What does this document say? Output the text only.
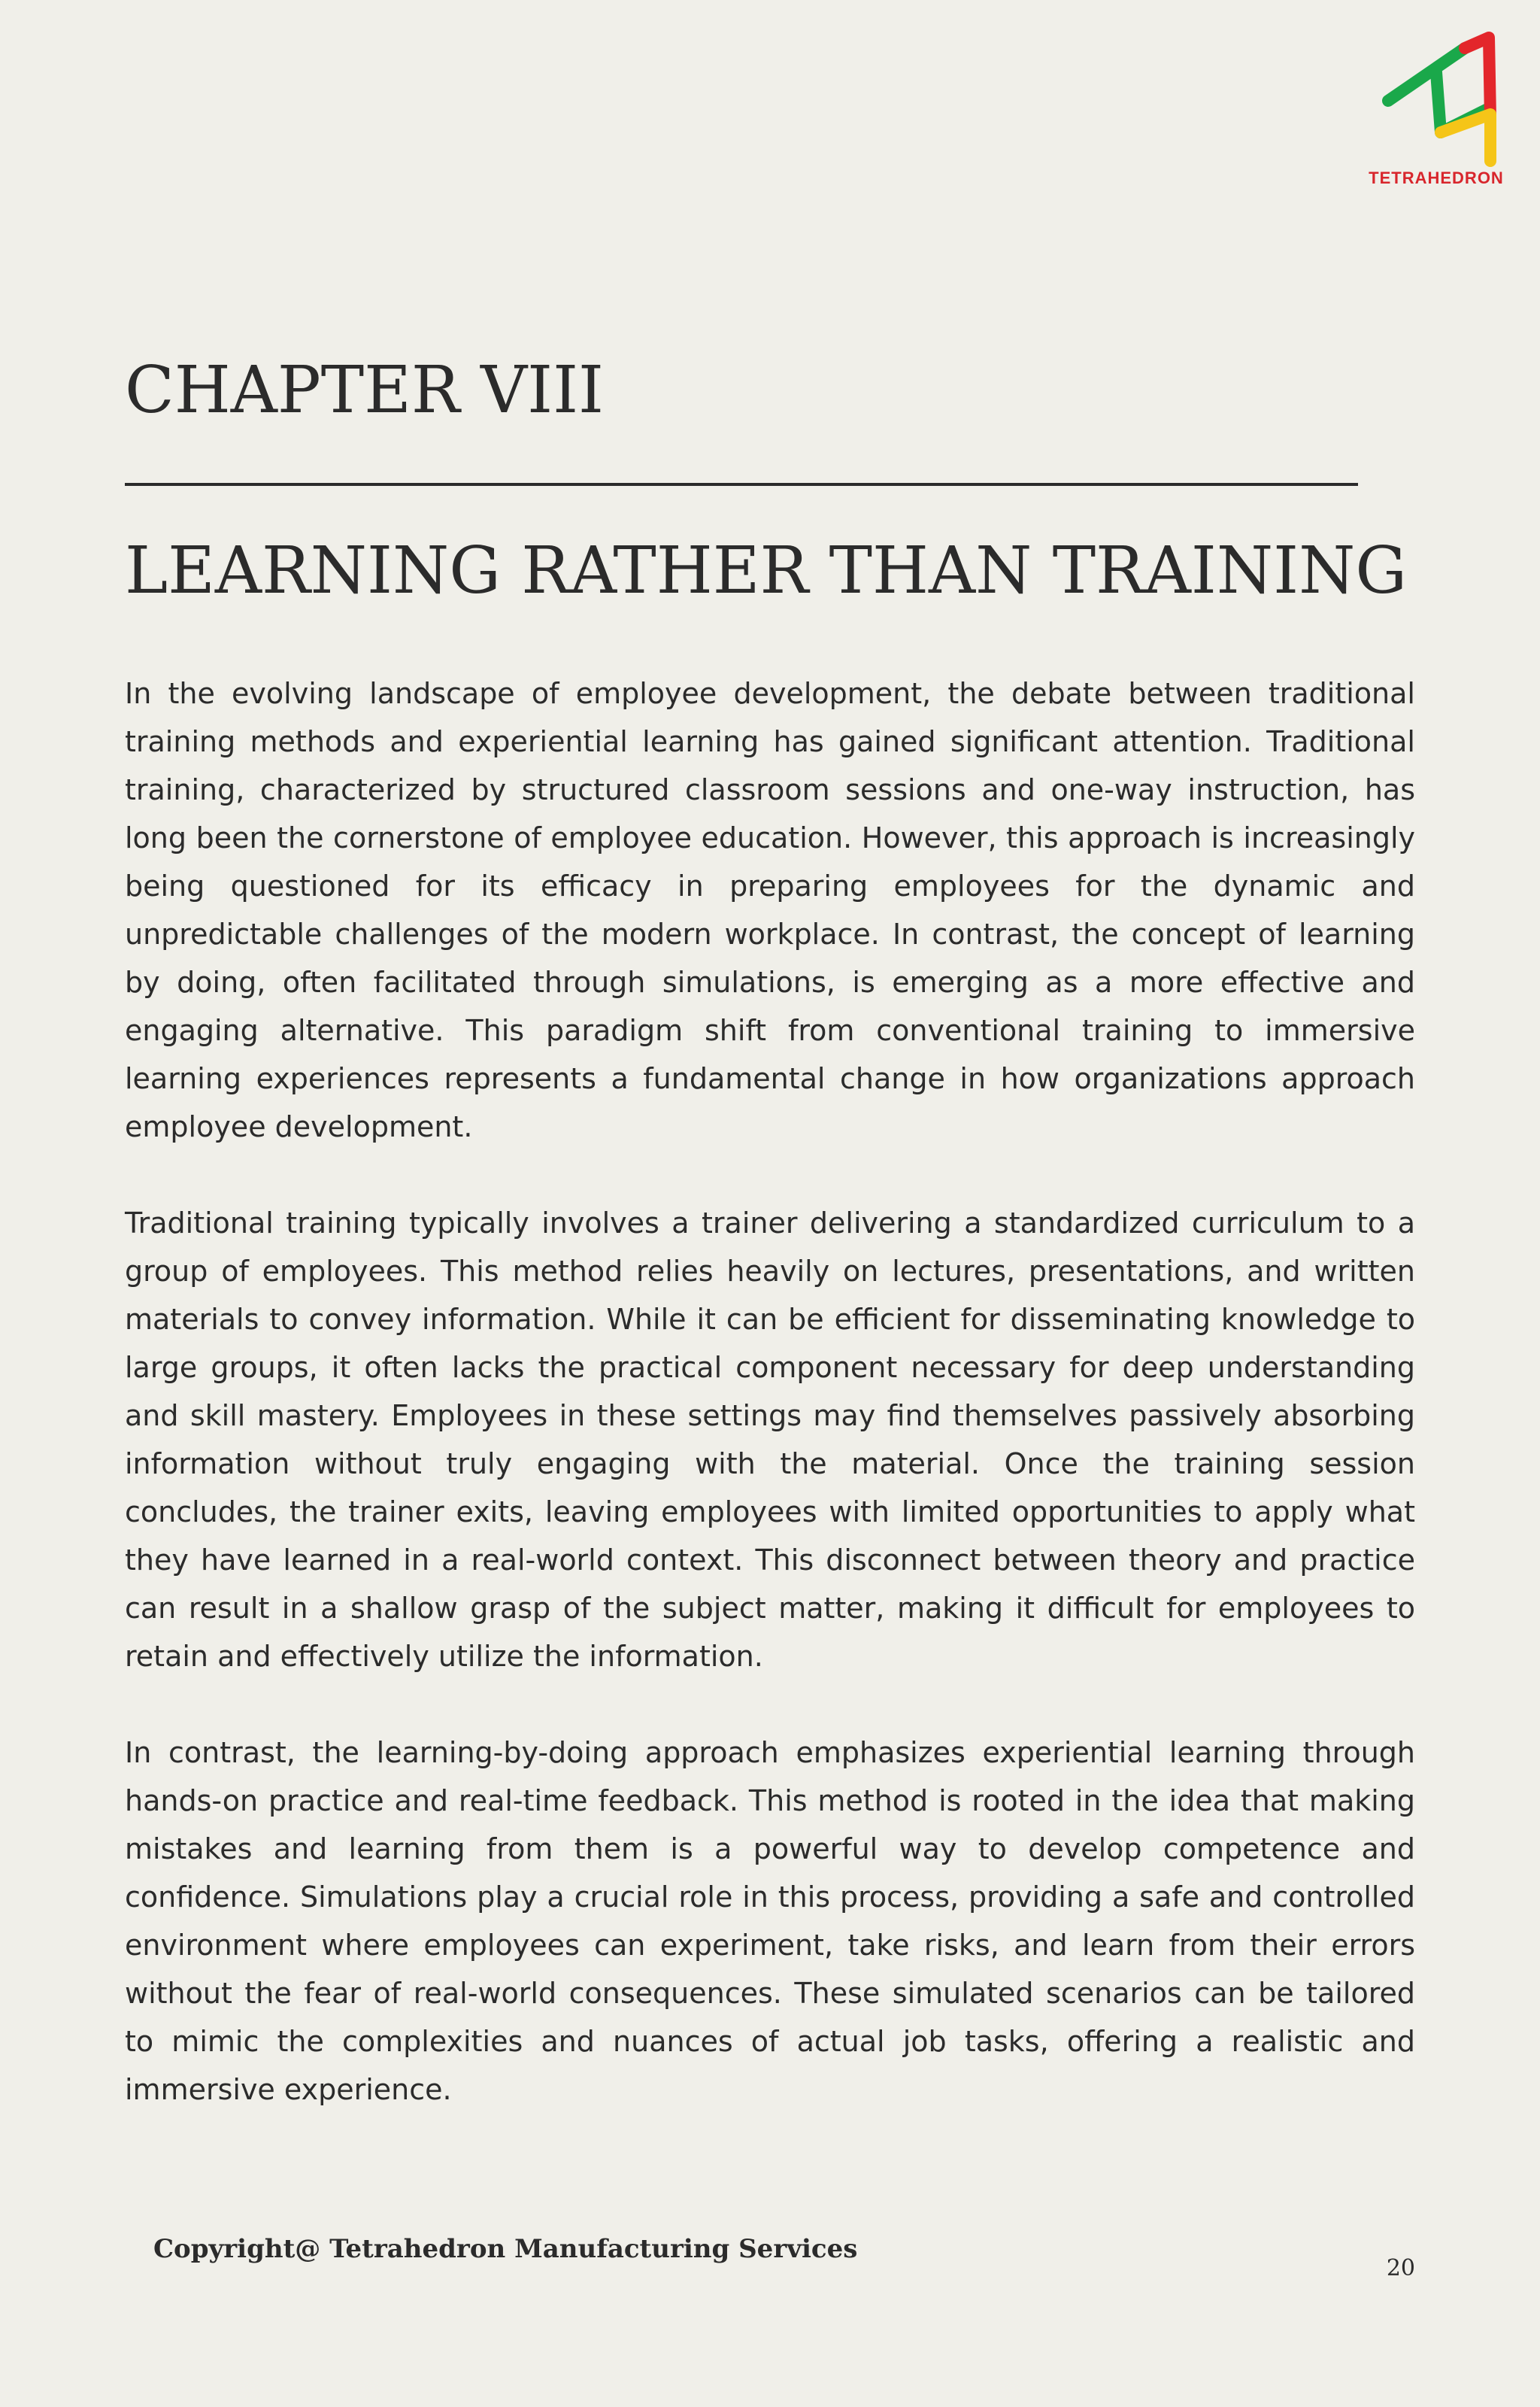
TETRAHEDRON
CHAPTER VIII
LEARNING RATHER THAN TRAINING

In the evolving landscape of employee development, the debate between traditional training methods and experiential learning has gained significant attention. Traditional training, characterized by structured classroom sessions and one-way instruction, has long been the cornerstone of employee education. However, this approach is increasingly being questioned for its efficacy in preparing employees for the dynamic and unpredictable challenges of the modern workplace. In contrast, the concept of learning by doing, often facilitated through simulations, is emerging as a more effective and engaging alternative. This paradigm shift from conventional training to immersive learning experiences represents a fundamental change in how organizations approach employee development.

Traditional training typically involves a trainer delivering a standardized curriculum to a group of employees. This method relies heavily on lectures, presentations, and written materials to convey information. While it can be efficient for disseminating knowledge to large groups, it often lacks the practical component necessary for deep understanding and skill mastery. Employees in these settings may find themselves passively absorbing information without truly engaging with the material. Once the training session concludes, the trainer exits, leaving employees with limited opportunities to apply what they have learned in a real-world context. This disconnect between theory and practice can result in a shallow grasp of the subject matter, making it difficult for employees to retain and effectively utilize the information.

In contrast, the learning-by-doing approach emphasizes experiential learning through hands-on practice and real-time feedback. This method is rooted in the idea that making mistakes and learning from them is a powerful way to develop competence and confidence. Simulations play a crucial role in this process, providing a safe and controlled environment where employees can experiment, take risks, and learn from their errors without the fear of real-world consequences. These simulated scenarios can be tailored to mimic the complexities and nuances of actual job tasks, offering a realistic and immersive experience.

Copyright@ Tetrahedron Manufacturing Services
20
